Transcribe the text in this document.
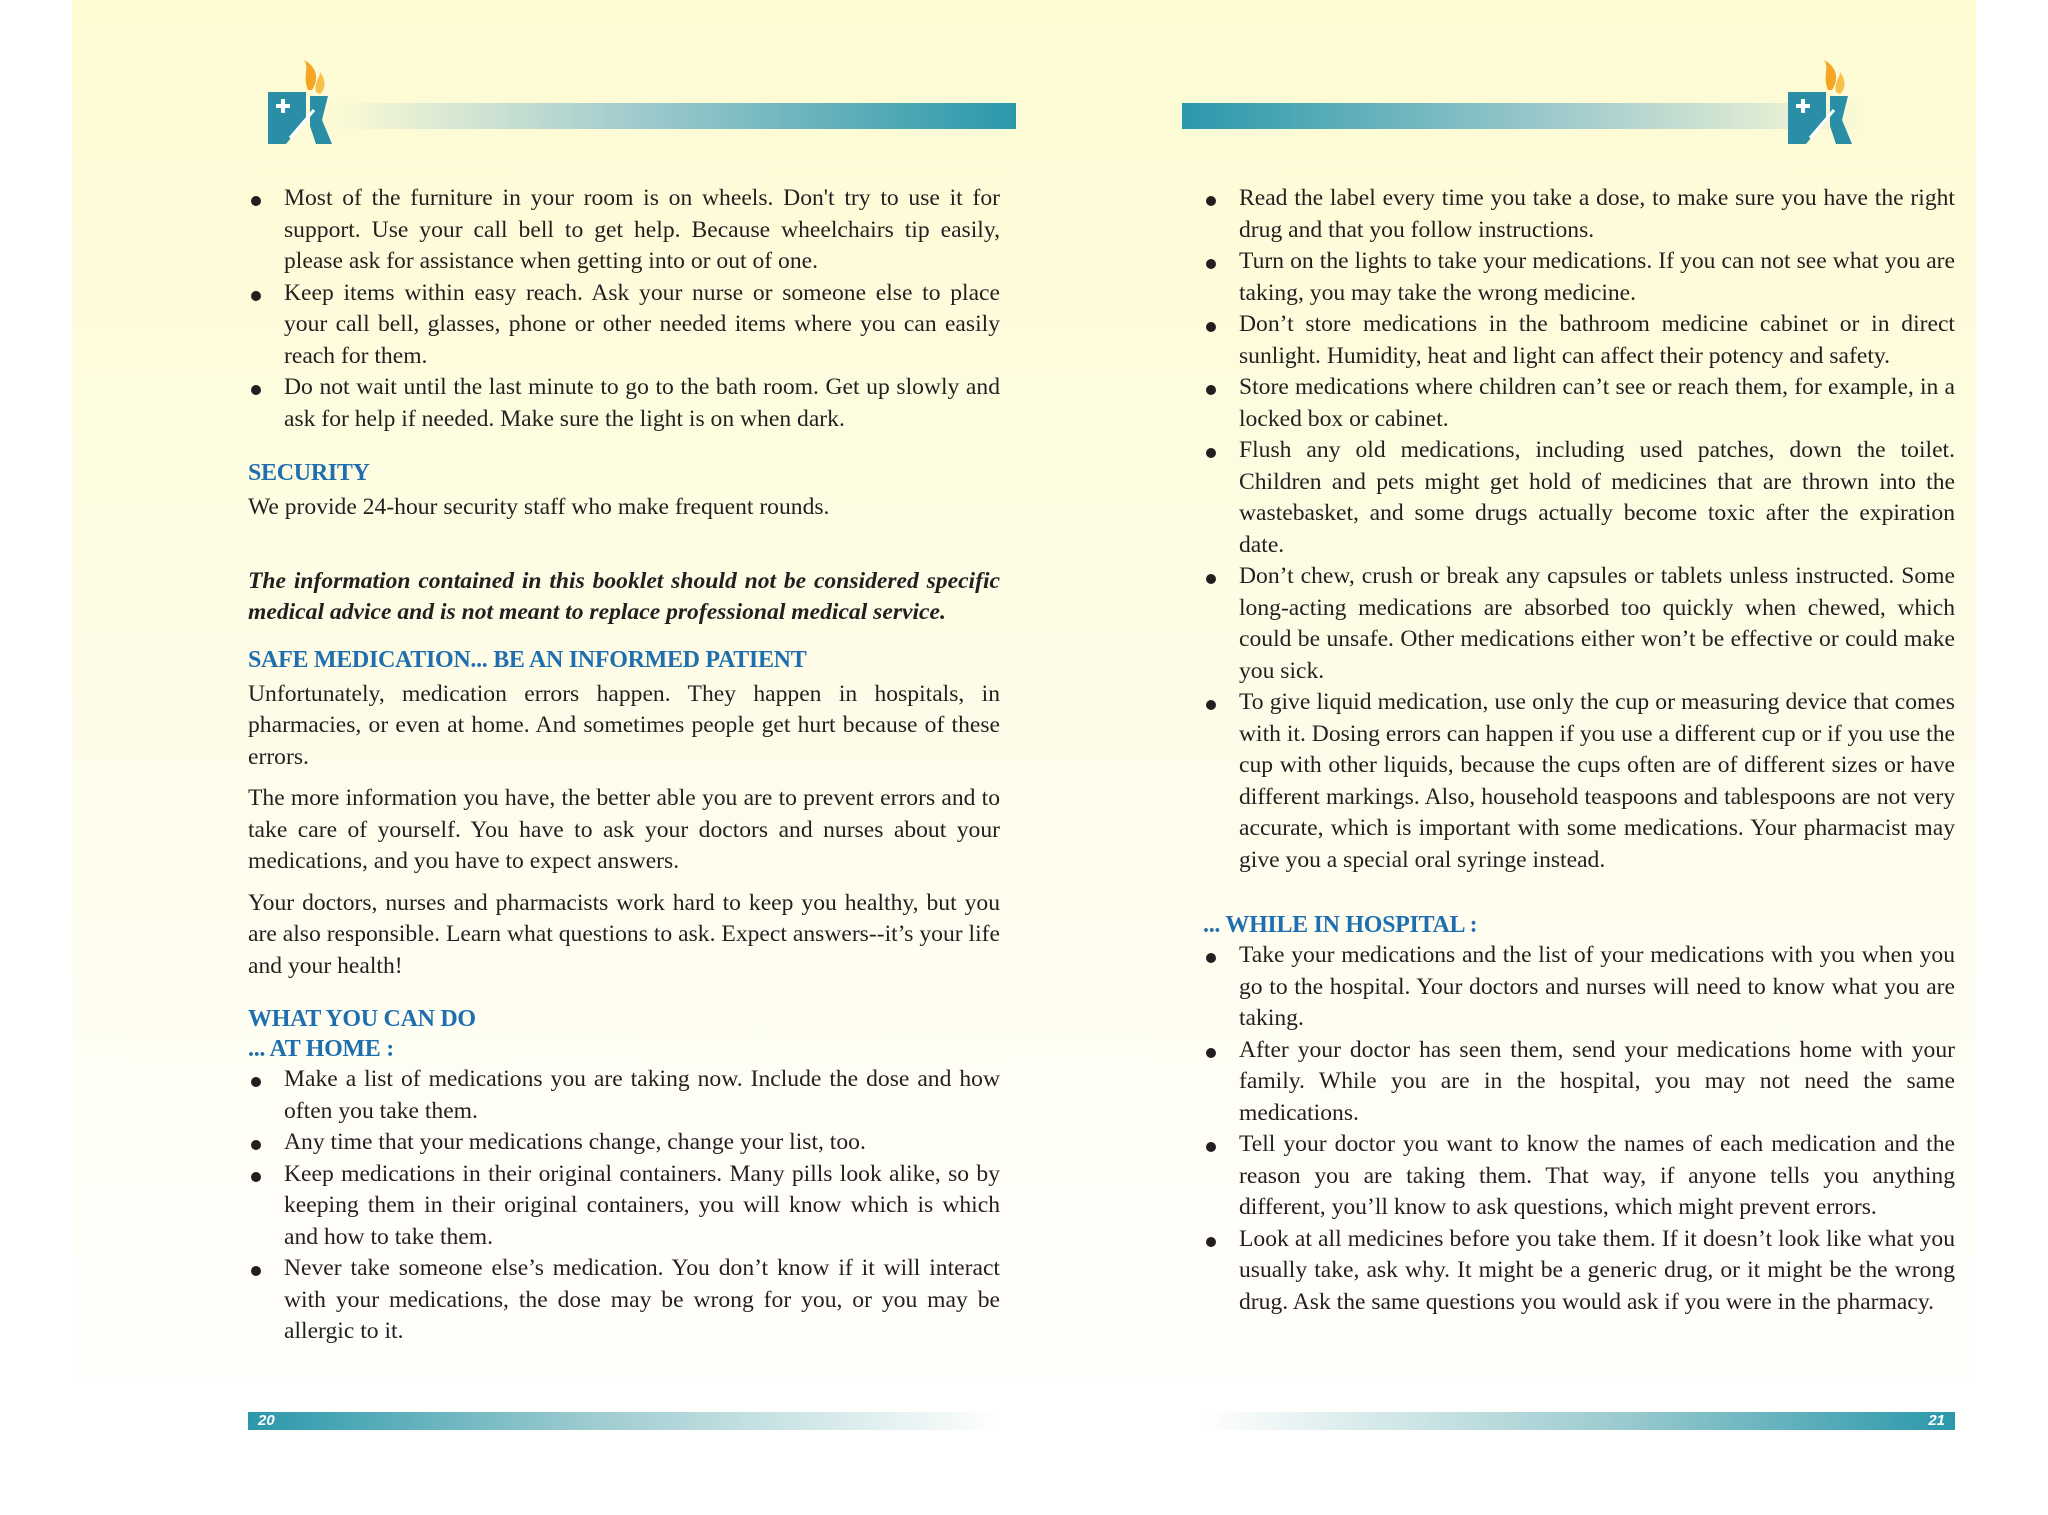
Most of the furniture in your room is on wheels. Don't try to use it for support. Use your call bell to get help. Because wheelchairs tip easily, please ask for assistance when getting into or out of one.
Keep items within easy reach. Ask your nurse or someone else to place your call bell, glasses, phone or other needed items where you can easily reach for them.
Do not wait until the last minute to go to the bath room. Get up slowly and ask for help if needed. Make sure the light is on when dark.
SECURITY

We provide 24-hour security staff who make frequent rounds.

The information contained in this booklet should not be considered specific medical advice and is not meant to replace professional medical service.

SAFE MEDICATION... BE AN INFORMED PATIENT

Unfortunately, medication errors happen. They happen in hospitals, in pharmacies, or even at home. And sometimes people get hurt because of these errors.

The more information you have, the better able you are to prevent errors and to take care of yourself. You have to ask your doctors and nurses about your medications, and you have to expect answers.

Your doctors, nurses and pharmacists work hard to keep you healthy, but you are also responsible. Learn what questions to ask. Expect answers--it’s your life and your health!

WHAT YOU CAN DO
... AT HOME :
Make a list of medications you are taking now. Include the dose and how often you take them.
Any time that your medications change, change your list, too.
Keep medications in their original containers. Many pills look alike, so by keeping them in their original containers, you will know which is which and how to take them.
Never take someone else’s medication. You don’t know if it will interact with your medications, the dose may be wrong for you, or you may be allergic to it.
Read the label every time you take a dose, to make sure you have the right drug and that you follow instructions.
Turn on the lights to take your medications. If you can not see what you are taking, you may take the wrong medicine.
Don’t store medications in the bathroom medicine cabinet or in direct sunlight. Humidity, heat and light can affect their potency and safety.
Store medications where children can’t see or reach them, for example, in a locked box or cabinet.
Flush any old medications, including used patches, down the toilet. Children and pets might get hold of medicines that are thrown into the wastebasket, and some drugs actually become toxic after the expiration date.
Don’t chew, crush or break any capsules or tablets unless instructed. Some long-acting medications are absorbed too quickly when chewed, which could be unsafe. Other medications either won’t be effective or could make you sick.
To give liquid medication, use only the cup or measuring device that comes with it. Dosing errors can happen if you use a different cup or if you use the cup with other liquids, because the cups often are of different sizes or have different markings. Also, household teaspoons and tablespoons are not very accurate, which is important with some medications. Your pharmacist may give you a special oral syringe instead.
... WHILE IN HOSPITAL :
Take your medications and the list of your medications with you when you go to the hospital. Your doctors and nurses will need to know what you are taking.
After your doctor has seen them, send your medications home with your family. While you are in the hospital, you may not need the same medications.
Tell your doctor you want to know the names of each medication and the reason you are taking them. That way, if anyone tells you anything different, you’ll know to ask questions, which might prevent errors.
Look at all medicines before you take them. If it doesn’t look like what you usually take, ask why. It might be a generic drug, or it might be the wrong drug. Ask the same questions you would ask if you were in the pharmacy.
20	21
